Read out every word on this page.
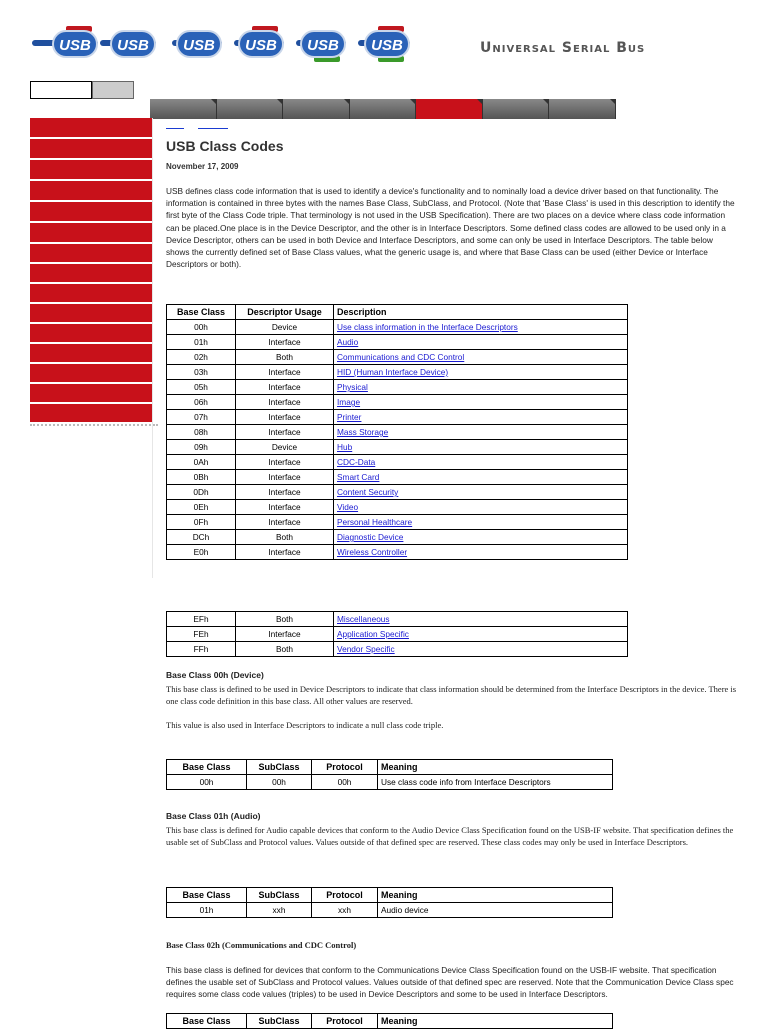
USB	USB	USB	USB	USB	USB	Universal Serial Bus

USB Class Codes
November 17, 2009

USB defines class code information that is used to identify a device's functionality and to nominally load a device driver based on that functionality. The information is contained in three bytes with the names Base Class, SubClass, and Protocol. (Note that 'Base Class' is used in this description to identify the first byte of the Class Code triple. That terminology is not used in the USB Specification). There are two places on a device where class code information can be placed.One place is in the Device Descriptor, and the other is in Interface Descriptors. Some defined class codes are allowed to be used only in a Device Descriptor, others can be used in both Device and Interface Descriptors, and some can only be used in Interface Descriptors. The table below shows the currently defined set of Base Class values, what the generic usage is, and where that Base Class can be used (either Device or Interface Descriptors or both).

Base Class	Descriptor Usage	Description
00h	Device	Use class information in the Interface Descriptors
01h	Interface	Audio
02h	Both	Communications and CDC Control
03h	Interface	HID (Human Interface Device)
05h	Interface	Physical
06h	Interface	Image
07h	Interface	Printer
08h	Interface	Mass Storage
09h	Device	Hub
0Ah	Interface	CDC-Data
0Bh	Interface	Smart Card
0Dh	Interface	Content Security
0Eh	Interface	Video
0Fh	Interface	Personal Healthcare
DCh	Both	Diagnostic Device
E0h	Interface	Wireless Controller
EFh	Both	Miscellaneous
FEh	Interface	Application Specific
FFh	Both	Vendor Specific
Base Class 00h (Device)

This base class is defined to be used in Device Descriptors to indicate that class information should be determined from the Interface Descriptors in the device. There is one class code definition in this base class. All other values are reserved.

This value is also used in Interface Descriptors to indicate a null class code triple.

Base Class	SubClass	Protocol	Meaning
00h	00h	00h	Use class code info from Interface Descriptors
Base Class 01h (Audio)

This base class is defined for Audio capable devices that conform to the Audio Device Class Specification found on the USB-IF website. That specification defines the usable set of SubClass and Protocol values. Values outside of that defined spec are reserved. These class codes may only be used in Interface Descriptors.

Base Class	SubClass	Protocol	Meaning
01h	xxh	xxh	Audio device
Base Class 02h (Communications and CDC Control)

This base class is defined for devices that conform to the Communications Device Class Specification found on the USB-IF website. That specification defines the usable set of SubClass and Protocol values. Values outside of that defined spec are reserved. Note that the Communication Device Class spec requires some class code values (triples) to be used in Device Descriptors and some to be used in Interface Descriptors.

Base Class	SubClass	Protocol	Meaning
